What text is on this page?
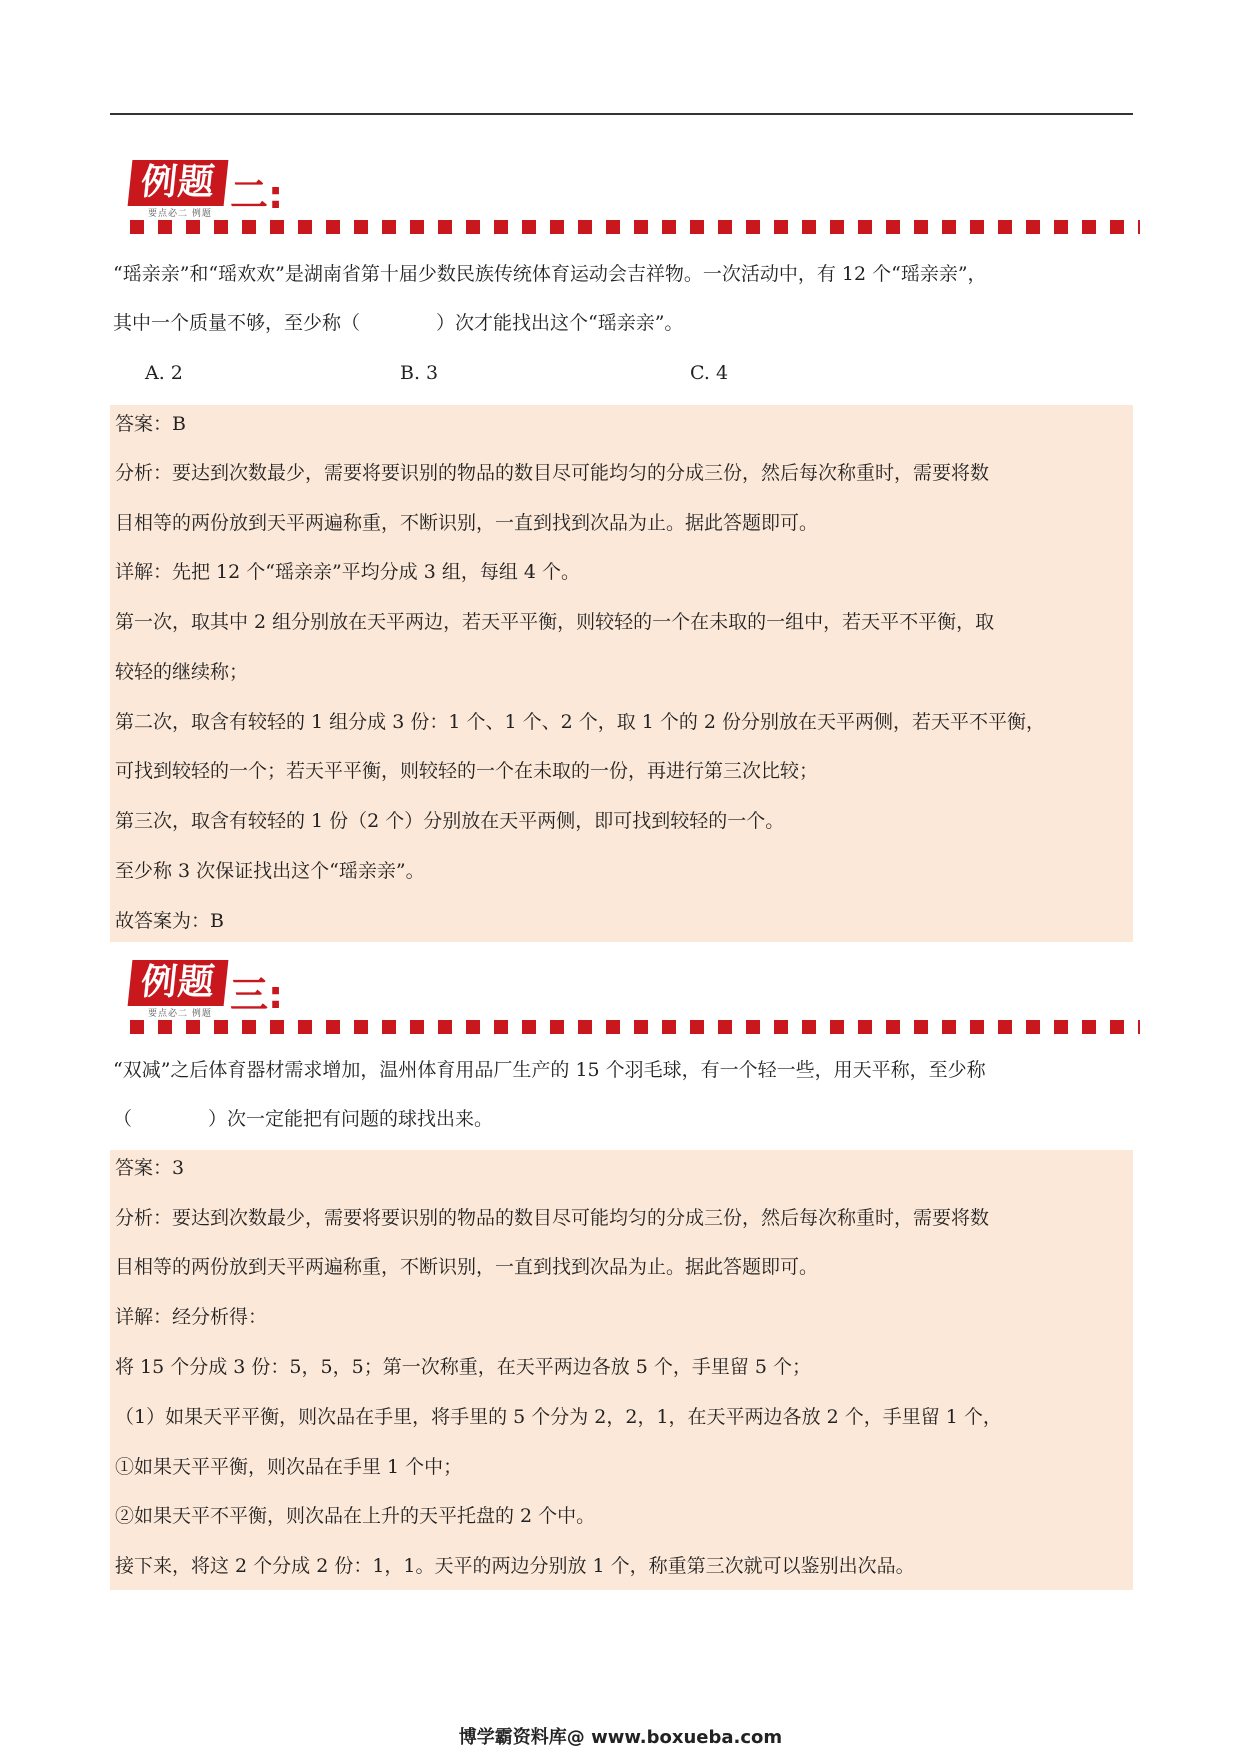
例题
要点必二 例题 二:
“瑶亲亲”和“瑶欢欢”是湖南省第十届少数民族传统体育运动会吉祥物。一次活动中，有 12 个“瑶亲亲”，
其中一个质量不够，至少称（　　　　）次才能找出这个“瑶亲亲”。
A. 2	B. 3	C. 4
答案：B
分析：要达到次数最少，需要将要识别的物品的数目尽可能均匀的分成三份，然后每次称重时，需要将数
目相等的两份放到天平两遍称重，不断识别，一直到找到次品为止。据此答题即可。
详解：先把 12 个“瑶亲亲”平均分成 3 组，每组 4 个。
第一次，取其中 2 组分别放在天平两边，若天平平衡，则较轻的一个在未取的一组中，若天平不平衡，取
较轻的继续称；
第二次，取含有较轻的 1 组分成 3 份：1 个、1 个、2 个，取 1 个的 2 份分别放在天平两侧，若天平不平衡，
可找到较轻的一个；若天平平衡，则较轻的一个在未取的一份，再进行第三次比较；
第三次，取含有较轻的 1 份（2 个）分别放在天平两侧，即可找到较轻的一个。
至少称 3 次保证找出这个“瑶亲亲”。
故答案为：B
例题
要点必二 例题 三:
“双减”之后体育器材需求增加，温州体育用品厂生产的 15 个羽毛球，有一个轻一些，用天平称，至少称
（　　　　）次一定能把有问题的球找出来。
答案：3
分析：要达到次数最少，需要将要识别的物品的数目尽可能均匀的分成三份，然后每次称重时，需要将数
目相等的两份放到天平两遍称重，不断识别，一直到找到次品为止。据此答题即可。
详解：经分析得：
将 15 个分成 3 份：5，5，5；第一次称重，在天平两边各放 5 个，手里留 5 个；
（1）如果天平平衡，则次品在手里，将手里的 5 个分为 2，2，1，在天平两边各放 2 个，手里留 1 个，
①如果天平平衡，则次品在手里 1 个中；
②如果天平不平衡，则次品在上升的天平托盘的 2 个中。
接下来，将这 2 个分成 2 份：1，1。天平的两边分别放 1 个，称重第三次就可以鉴别出次品。
博学霸资料库@ www.boxueba.com
